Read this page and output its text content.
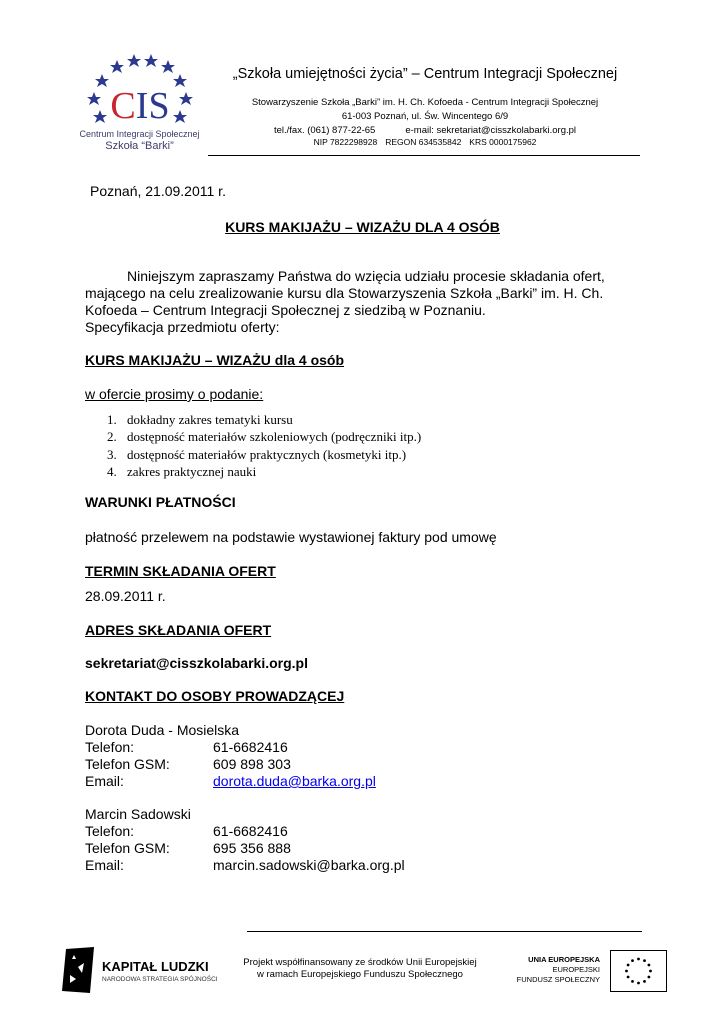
CIS
Centrum Integracji Społecznej
Szkoła “Barki”
„Szkoła umiejętności życia” – Centrum Integracji Społecznej
Stowarzyszenie Szkoła „Barki” im. H. Ch. Kofoeda - Centrum Integracji Społecznej
61-003 Poznań, ul. Św. Wincentego 6/9
tel./fax. (061) 877-22-65	e-mail: sekretariat@cisszkolabarki.org.pl
NIP 7822298928 REGON 634535842 KRS 0000175962
Poznań, 21.09.2011 r.
KURS MAKIJAŻU – WIZAŻU DLA 4 OSÓB

Niniejszym zapraszamy Państwa do wzięcia udziału procesie składania ofert,

mającego na celu zrealizowanie kursu dla Stowarzyszenia Szkoła „Barki” im. H. Ch.

Kofoeda – Centrum Integracji Społecznej z siedzibą w Poznaniu.

Specyfikacja przedmiotu oferty:

KURS MAKIJAŻU – WIZAŻU dla 4 osób
w ofercie prosimy o podanie:
1. dokładny zakres tematyki kursu
2. dostępność materiałów szkoleniowych (podręczniki itp.)
3. dostępność materiałów praktycznych (kosmetyki itp.)
4. zakres praktycznej nauki
WARUNKI PŁATNOŚCI
płatność przelewem na podstawie wystawionej faktury pod umowę
TERMIN SKŁADANIA OFERT
28.09.2011 r.
ADRES SKŁADANIA OFERT
sekretariat@cisszkolabarki.org.pl
KONTAKT DO OSOBY PROWADZĄCEJ
Dorota Duda - Mosielska
Telefon:	61-6682416
Telefon GSM:	609 898 303
Email:	dorota.duda@barka.org.pl
Marcin Sadowski
Telefon:	61-6682416
Telefon GSM:	695 356 888
Email:	marcin.sadowski@barka.org.pl
KAPITAŁ LUDZKI
NARODOWA STRATEGIA SPÓJNOŚCI
Projekt współfinansowany ze środków Unii Europejskiej
w ramach Europejskiego Funduszu Społecznego
UNIA EUROPEJSKA
EUROPEJSKI
FUNDUSZ SPOŁECZNY
